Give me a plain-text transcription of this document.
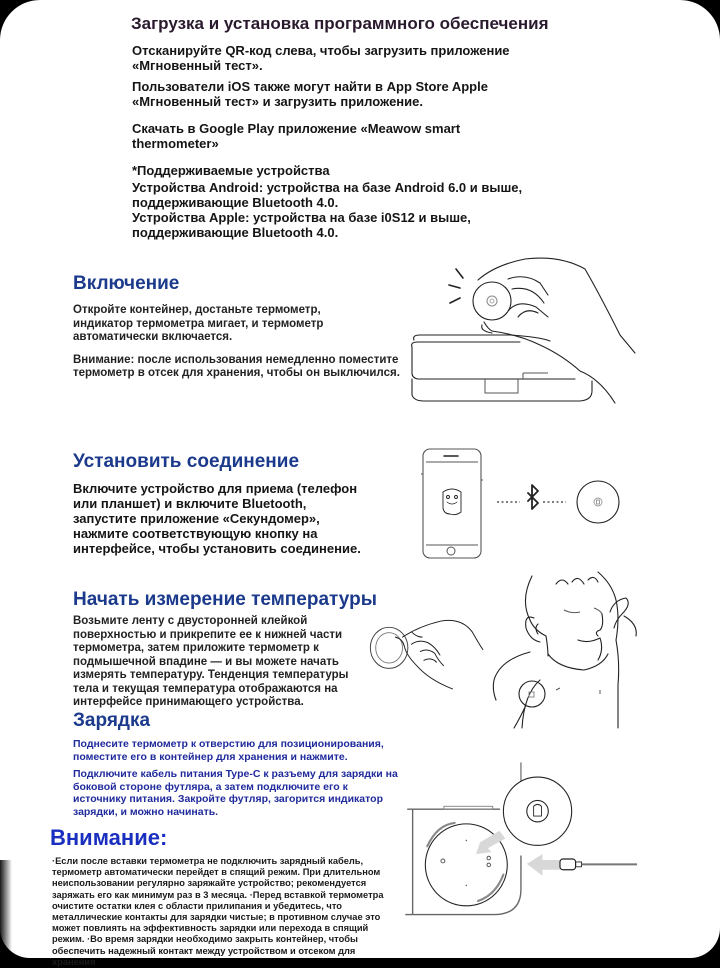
Загрузка и установка программного обеспечения

Отсканируйте QR-код слева, чтобы загрузить приложение «Мгновенный тест».

Пользователи iOS также могут найти в App Store Apple «Мгновенный тест» и загрузить приложение.

Скачать в Google Play приложение «Meawow smart thermometer»

*Поддерживаемые устройства

Устройства Android: устройства на базе Android 6.0 и выше, поддерживающие Bluetooth 4.0.

Устройства Apple: устройства на базе i0S12 и выше, поддерживающие Bluetooth 4.0.

Включение

Откройте контейнер, достаньте термометр, индикатор термометра мигает, и термометр автоматически включается.

Внимание: после использования немедленно поместите термометр в отсек для хранения, чтобы он выключился.

Установить соединение

Включите устройство для приема (телефон или планшет) и включите Bluetooth, запустите приложение «Секундомер», нажмите соответствующую кнопку на интерфейсе, чтобы установить соединение.

Начать измерение температуры

Возьмите ленту с двусторонней клейкой поверхностью и прикрепите ее к нижней части термометра, затем приложите термометр к подмышечной впадине — и вы можете начать измерять температуру. Тенденция температуры тела и текущая температура отображаются на интерфейсе принимающего устройства.

Зарядка

Поднесите термометр к отверстию для позиционирования, поместите его в контейнер для хранения и нажмите.

Подключите кабель питания Type-C к разъему для зарядки на боковой стороне футляра, а затем подключите его к источнику питания. Закройте футляр, загорится индикатор зарядки, и можно начинать.

Внимание:

·Если после вставки термометра не подключить зарядный кабель, термометр автоматически перейдет в спящий режим. При длительном неиспользовании регулярно заряжайте устройство; рекомендуется заряжать его как минимум раз в 3 месяца. ·Перед вставкой термометра очистите остатки клея с области прилипания и убедитесь, что металлические контакты для зарядки чистые; в противном случае это может повлиять на эффективность зарядки или перехода в спящий режим. ·Во время зарядки необходимо закрыть контейнер, чтобы обеспечить надежный контакт между устройством и отсеком для хранения
